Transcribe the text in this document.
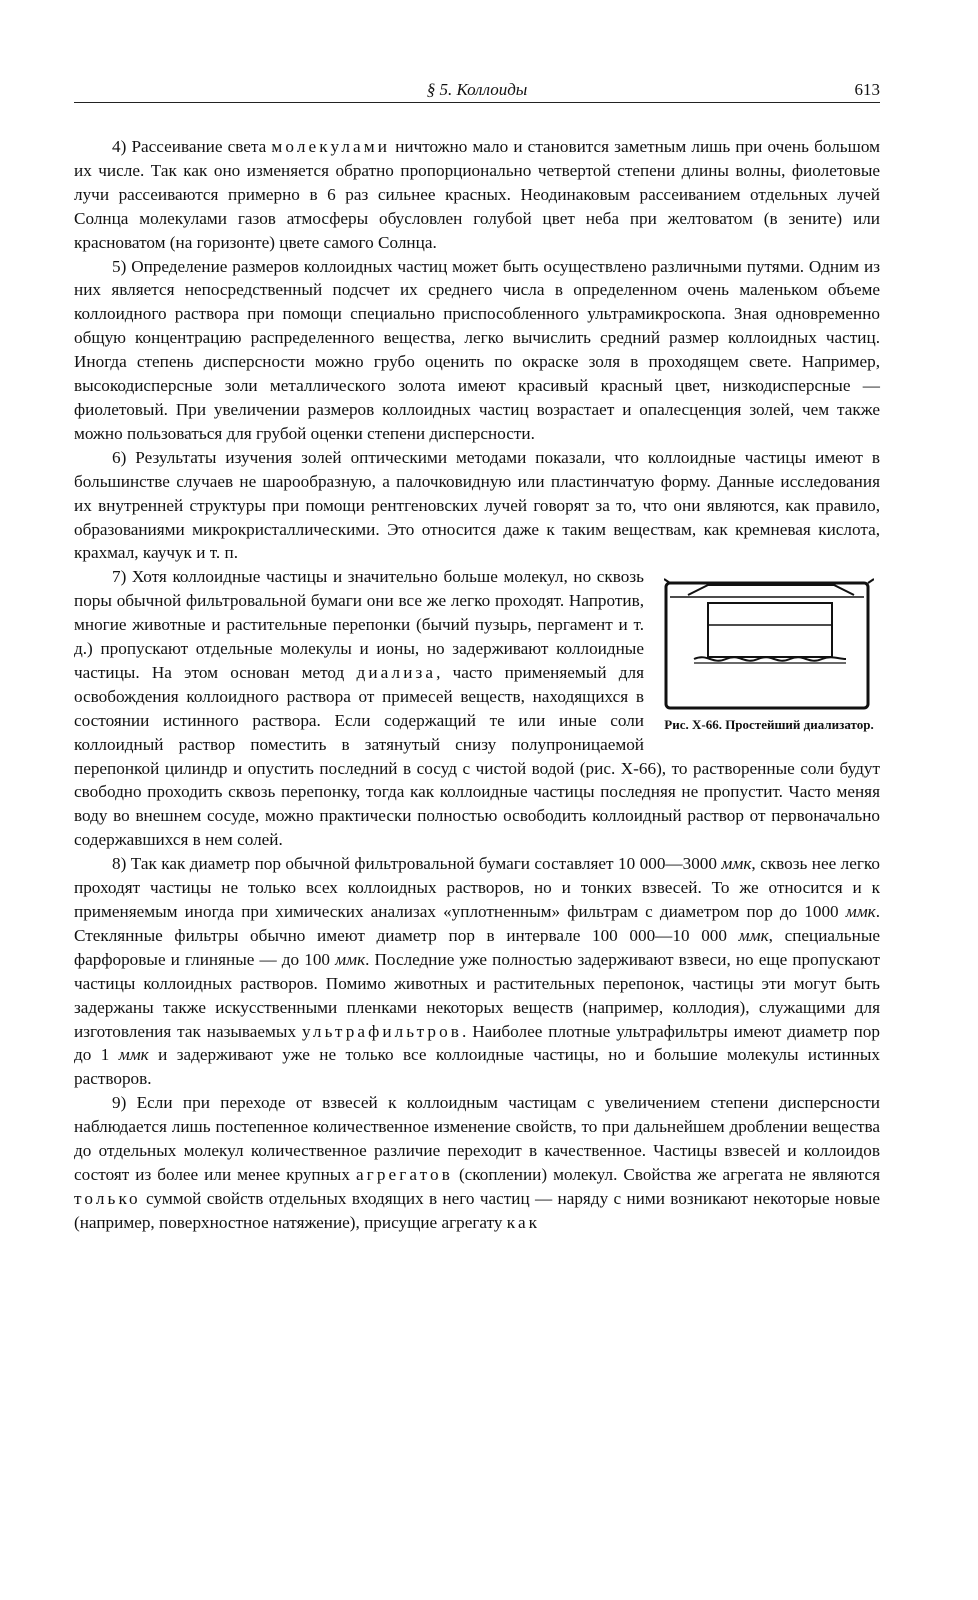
§ 5. Коллоиды	613

4) Рассеивание света молекулами ничтожно мало и становится заметным лишь при очень большом их числе. Так как оно изменяется обратно пропорционально четвертой степени длины волны, фиолетовые лучи рассеиваются примерно в 6 раз сильнее красных. Неодинаковым рассеиванием отдельных лучей Солнца молекулами газов атмосферы обусловлен голубой цвет неба при желтоватом (в зените) или красноватом (на горизонте) цвете самого Солнца.

5) Определение размеров коллоидных частиц может быть осуществлено различными путями. Одним из них является непосредственный подсчет их среднего числа в определенном очень маленьком объеме коллоидного раствора при помощи специально приспособленного ультрамикроскопа. Зная одновременно общую концентрацию распределенного вещества, легко вычислить средний размер коллоидных частиц. Иногда степень дисперсности можно грубо оценить по окраске золя в проходящем свете. Например, высокодисперсные золи металлического золота имеют красивый красный цвет, низкодисперсные — фиолетовый. При увеличении размеров коллоидных частиц возрастает и опалесценция золей, чем также можно пользоваться для грубой оценки степени дисперсности.

6) Результаты изучения золей оптическими методами показали, что коллоидные частицы имеют в большинстве случаев не шарообразную, а палочковидную или пластинчатую форму. Данные исследования их внутренней структуры при помощи рентгеновских лучей говорят за то, что они являются, как правило, образованиями микрокристаллическими. Это относится даже к таким веществам, как кремневая кислота, крахмал, каучук и т. п.

Рис. Х-66. Простейший диализатор.

7) Хотя коллоидные частицы и значительно больше молекул, но сквозь поры обычной фильтровальной бумаги они все же легко проходят. Напротив, многие животные и растительные перепонки (бычий пузырь, пергамент и т. д.) пропускают отдельные молекулы и ионы, но задерживают коллоидные частицы. На этом основан метод диализа, часто применяемый для освобождения коллоидного раствора от примесей веществ, находящихся в состоянии истинного раствора. Если содержащий те или иные соли коллоидный раствор поместить в затянутый снизу полупроницаемой перепонкой цилиндр и опустить последний в сосуд с чистой водой (рис. Х-66), то растворенные соли будут свободно проходить сквозь перепонку, тогда как коллоидные частицы последняя не пропустит. Часто меняя воду во внешнем сосуде, можно практически полностью освободить коллоидный раствор от первоначально содержавшихся в нем солей.

8) Так как диаметр пор обычной фильтровальной бумаги составляет 10 000—3000 ммк, сквозь нее легко проходят частицы не только всех коллоидных растворов, но и тонких взвесей. То же относится и к применяемым иногда при химических анализах «уплотненным» фильтрам с диаметром пор до 1000 ммк. Стеклянные фильтры обычно имеют диаметр пор в интервале 100 000—10 000 ммк, специальные фарфоровые и глиняные — до 100 ммк. Последние уже полностью задерживают взвеси, но еще пропускают частицы коллоидных растворов. Помимо животных и растительных перепонок, частицы эти могут быть задержаны также искусственными пленками некоторых веществ (например, коллодия), служащими для изготовления так называемых ультрафильтров. Наиболее плотные ультрафильтры имеют диаметр пор до 1 ммк и задерживают уже не только все коллоидные частицы, но и большие молекулы истинных растворов.

9) Если при переходе от взвесей к коллоидным частицам с увеличением степени дисперсности наблюдается лишь постепенное количественное изменение свойств, то при дальнейшем дроблении вещества до отдельных молекул количественное различие переходит в качественное. Частицы взвесей и коллоидов состоят из более или менее крупных агрегатов (скоплении) молекул. Свойства же агрегата не являются только суммой свойств отдельных входящих в него частиц — наряду с ними возникают некоторые новые (например, поверхностное натяжение), присущие агрегату как
